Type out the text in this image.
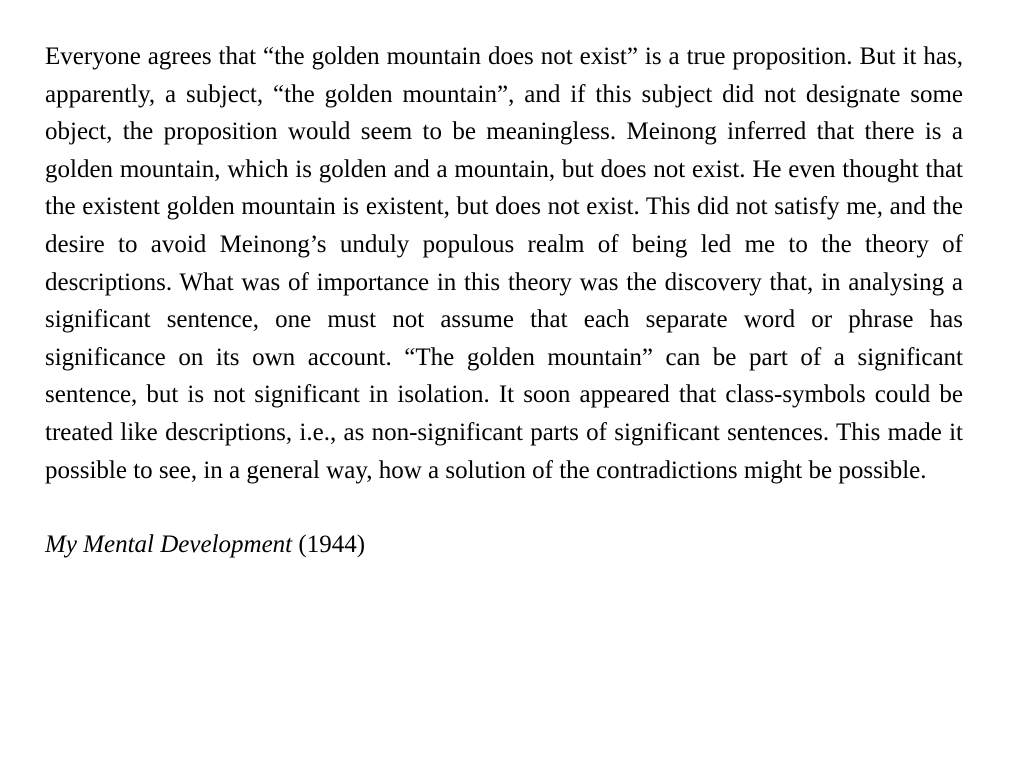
Everyone agrees that “the golden mountain does not exist” is a true proposition. But it has, apparently, a subject, “the golden mountain”, and if this subject did not designate some object, the proposition would seem to be meaningless. Meinong inferred that there is a golden mountain, which is golden and a mountain, but does not exist. He even thought that the existent golden mountain is existent, but does not exist. This did not satisfy me, and the desire to avoid Meinong’s unduly populous realm of being led me to the theory of descriptions. What was of importance in this theory was the discovery that, in analysing a significant sentence, one must not assume that each separate word or phrase has significance on its own account. “The golden mountain” can be part of a significant sentence, but is not significant in isolation. It soon appeared that class-symbols could be treated like descriptions, i.e., as non-significant parts of significant sentences. This made it possible to see, in a general way, how a solution of the contradictions might be possible.

My Mental Development (1944)
